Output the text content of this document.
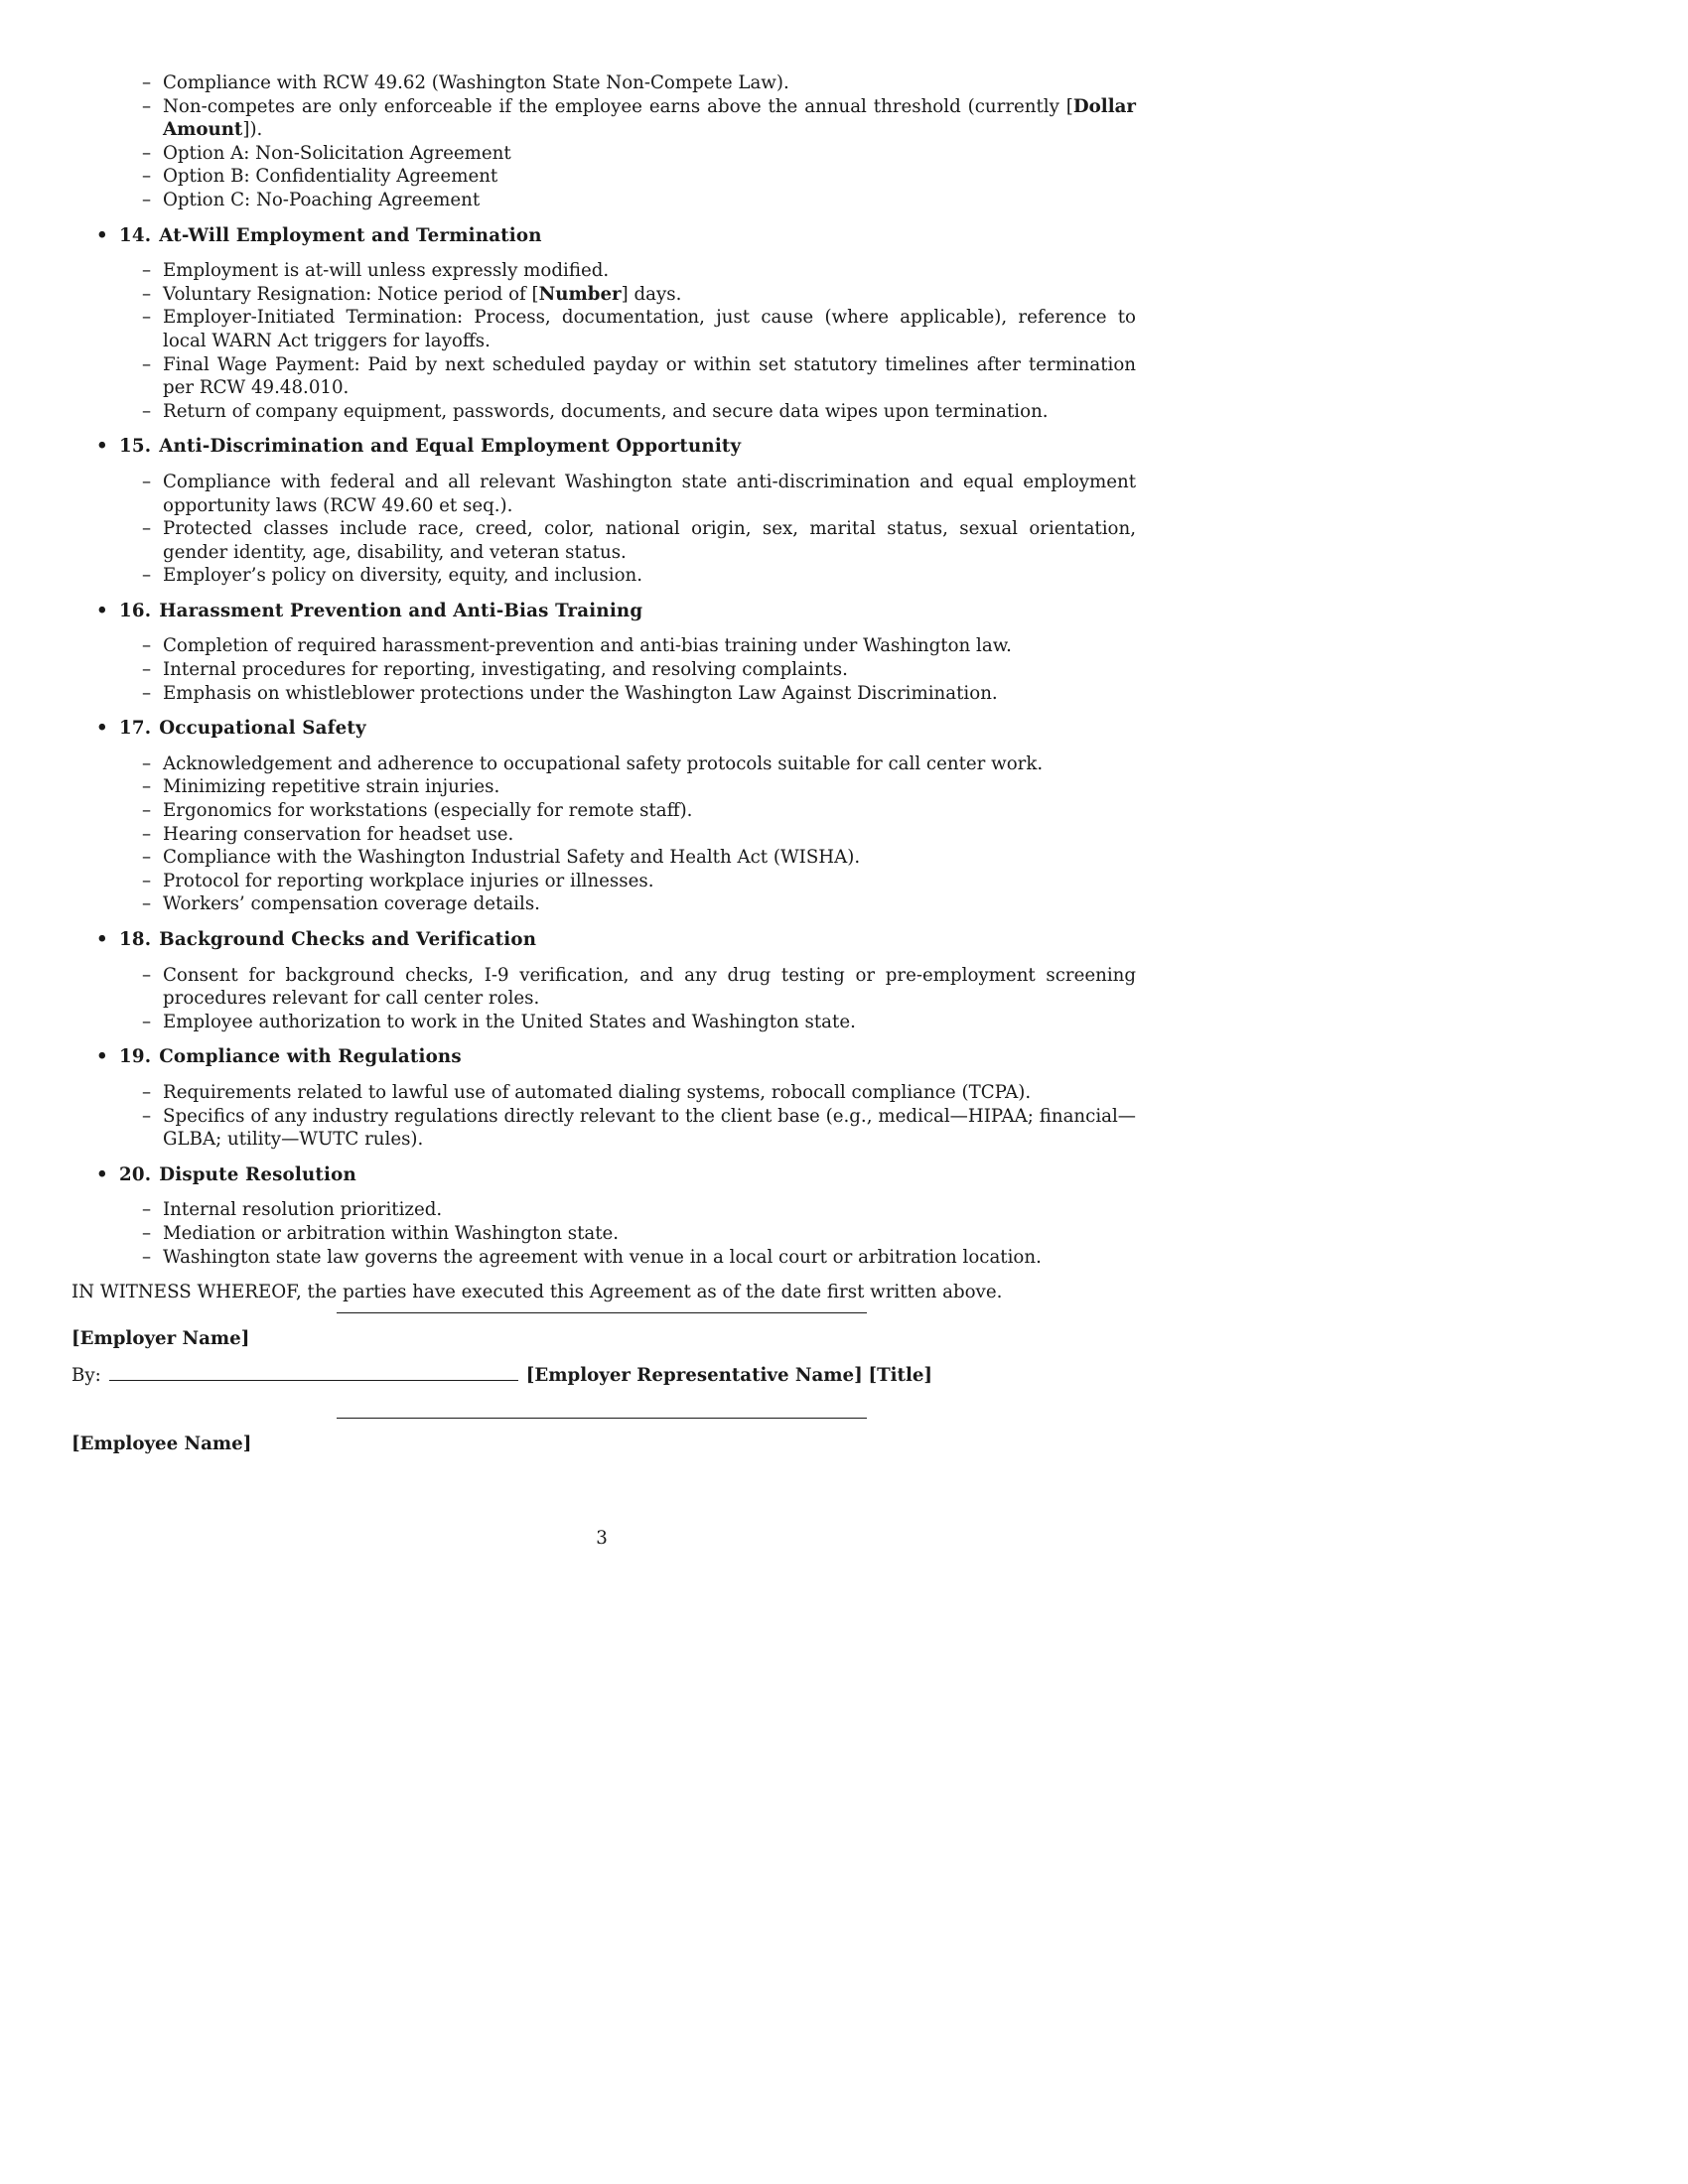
– Compliance with RCW 49.62 (Washington State Non-Compete Law).
– Non-competes are only enforceable if the employee earns above the annual threshold (currently [Dollar Amount]).
– Option A: Non-Solicitation Agreement
– Option B: Confidentiality Agreement
– Option C: No-Poaching Agreement
• 14. At-Will Employment and Termination
– Employment is at-will unless expressly modified.
– Voluntary Resignation: Notice period of [Number] days.
– Employer-Initiated Termination: Process, documentation, just cause (where applicable), reference to local WARN Act triggers for layoffs.
– Final Wage Payment: Paid by next scheduled payday or within set statutory timelines after termination per RCW 49.48.010.
– Return of company equipment, passwords, documents, and secure data wipes upon termination.
• 15. Anti-Discrimination and Equal Employment Opportunity
– Compliance with federal and all relevant Washington state anti-discrimination and equal employment opportunity laws (RCW 49.60 et seq.).
– Protected classes include race, creed, color, national origin, sex, marital status, sexual orientation, gender identity, age, disability, and veteran status.
– Employer’s policy on diversity, equity, and inclusion.
• 16. Harassment Prevention and Anti-Bias Training
– Completion of required harassment-prevention and anti-bias training under Washington law.
– Internal procedures for reporting, investigating, and resolving complaints.
– Emphasis on whistleblower protections under the Washington Law Against Discrimination.
• 17. Occupational Safety
– Acknowledgement and adherence to occupational safety protocols suitable for call center work.
– Minimizing repetitive strain injuries.
– Ergonomics for workstations (especially for remote staff).
– Hearing conservation for headset use.
– Compliance with the Washington Industrial Safety and Health Act (WISHA).
– Protocol for reporting workplace injuries or illnesses.
– Workers’ compensation coverage details.
• 18. Background Checks and Verification
– Consent for background checks, I-9 verification, and any drug testing or pre-employment screening procedures relevant for call center roles.
– Employee authorization to work in the United States and Washington state.
• 19. Compliance with Regulations
– Requirements related to lawful use of automated dialing systems, robocall compliance (TCPA).
– Specifics of any industry regulations directly relevant to the client base (e.g., medical—HIPAA; financial—GLBA; utility—WUTC rules).
• 20. Dispute Resolution
– Internal resolution prioritized.
– Mediation or arbitration within Washington state.
– Washington state law governs the agreement with venue in a local court or arbitration location.
IN WITNESS WHEREOF, the parties have executed this Agreement as of the date first written above.
[Employer Name]
By:	[Employer Representative Name] [Title]
[Employee Name]
3
